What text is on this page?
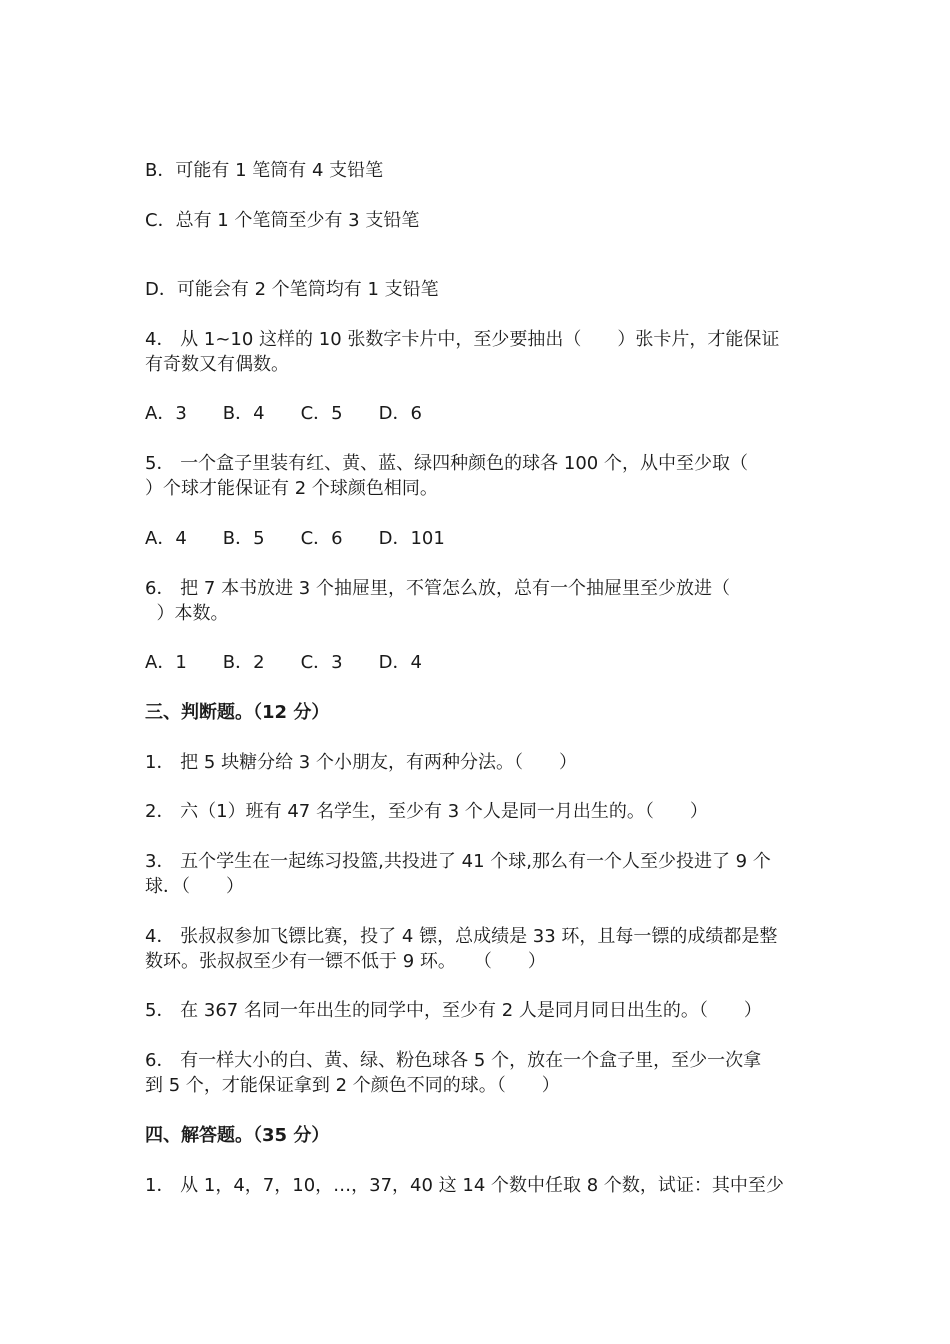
B．可能有 1 笔筒有 4 支铅笔
C．总有 1 个笔筒至少有 3 支铅笔
D．可能会有 2 个笔筒均有 1 支铅笔
4． 从 1~10 这样的 10 张数字卡片中，至少要抽出（　　）张卡片，才能保证
有奇数又有偶数。
A．3　　B．4　　C．5　　D．6
5． 一个盒子里装有红、黄、蓝、绿四种颜色的球各 100 个，从中至少取（
）个球才能保证有 2 个球颜色相同。
A．4　　B．5　　C．6　　D．101
6． 把 7 本书放进 3 个抽屉里，不管怎么放，总有一个抽屉里至少放进（
）本数。
A．1　　B．2　　C．3　　D．4
三、判断题。（12 分）
1． 把 5 块糖分给 3 个小朋友，有两种分法。（　　）
2． 六（1）班有 47 名学生，至少有 3 个人是同一月出生的。（　　）
3． 五个学生在一起练习投篮,共投进了 41 个球,那么有一个人至少投进了 9 个
球．（　　）
4． 张叔叔参加飞镖比赛，投了 4 镖，总成绩是 33 环，且每一镖的成绩都是整
数环。张叔叔至少有一镖不低于 9 环。　　（　　）
5． 在 367 名同一年出生的同学中，至少有 2 人是同月同日出生的。（　　）
6． 有一样大小的白、黄、绿、粉色球各 5 个，放在一个盒子里，至少一次拿
到 5 个，才能保证拿到 2 个颜色不同的球。（　　）
四、解答题。（35 分）
1． 从 1，4，7，10，…，37，40 这 14 个数中任取 8 个数，试证：其中至少
